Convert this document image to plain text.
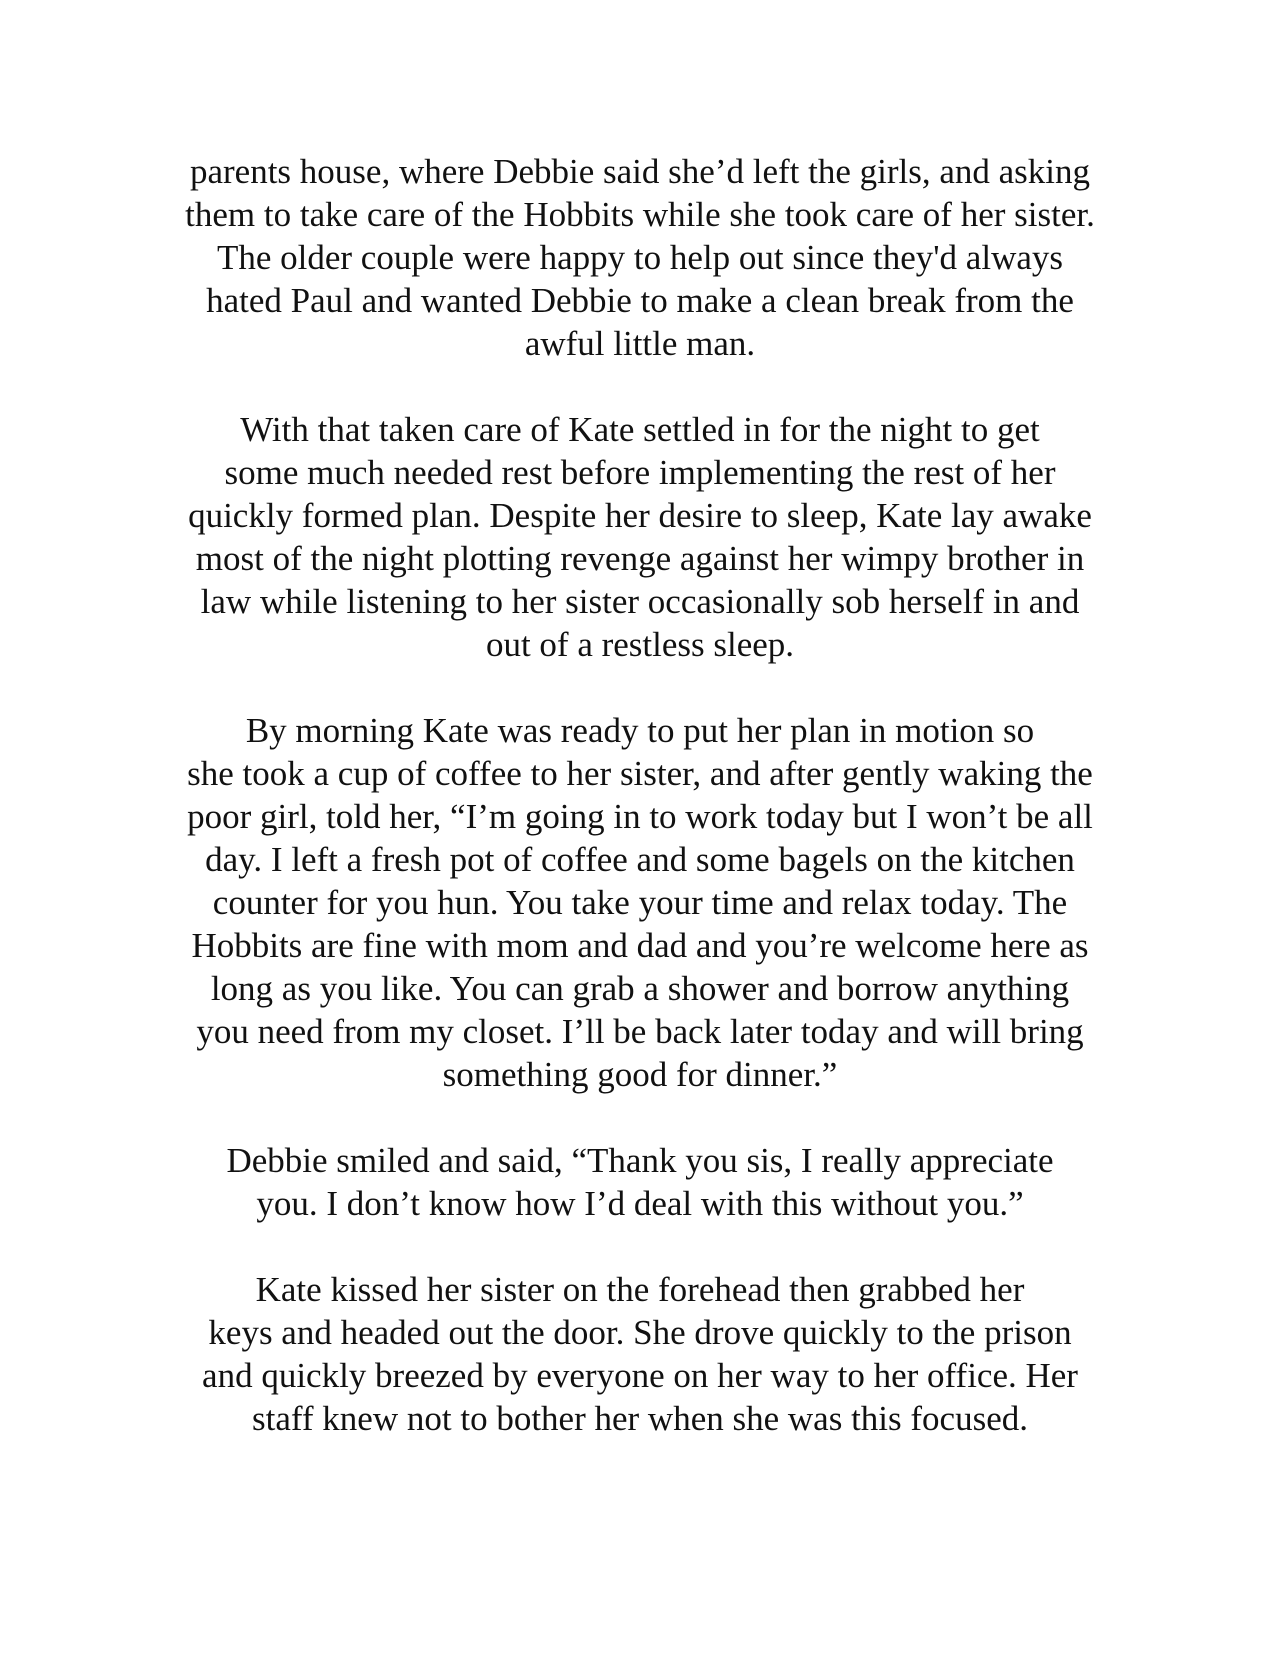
parents house, where Debbie said she’d left the girls, and asking
them to take care of the Hobbits while she took care of her sister.
The older couple were happy to help out since they'd always
hated Paul and wanted Debbie to make a clean break from the
awful little man.

With that taken care of Kate settled in for the night to get
some much needed rest before implementing the rest of her
quickly formed plan. Despite her desire to sleep, Kate lay awake
most of the night plotting revenge against her wimpy brother in
law while listening to her sister occasionally sob herself in and
out of a restless sleep.

By morning Kate was ready to put her plan in motion so
she took a cup of coffee to her sister, and after gently waking the
poor girl, told her, “I’m going in to work today but I won’t be all
day. I left a fresh pot of coffee and some bagels on the kitchen
counter for you hun. You take your time and relax today. The
Hobbits are fine with mom and dad and you’re welcome here as
long as you like. You can grab a shower and borrow anything
you need from my closet. I’ll be back later today and will bring
something good for dinner.”

Debbie smiled and said, “Thank you sis, I really appreciate
you. I don’t know how I’d deal with this without you.”

Kate kissed her sister on the forehead then grabbed her
keys and headed out the door. She drove quickly to the prison
and quickly breezed by everyone on her way to her office. Her
staff knew not to bother her when she was this focused.
